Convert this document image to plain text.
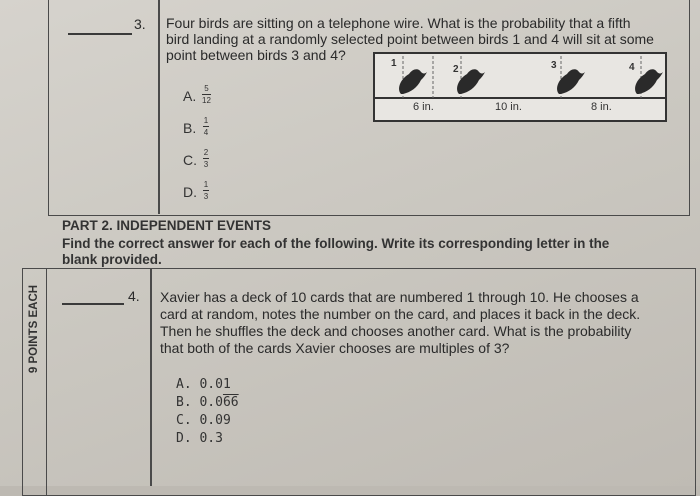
3. Four birds are sitting on a telephone wire. What is the probability that a fifth
bird landing at a randomly selected point between birds 1 and 4 will sit at some
point between birds 3 and 4?
A. 5
12
B. 1
4
C. 2
3
D. 1
3
1
2	3	4
6 in.	10 in.	8 in.
PART 2. INDEPENDENT EVENTS
Find the correct answer for each of the following. Write its corresponding letter in the
blank provided.
9 POINTS EACH	4. Xavier has a deck of 10 cards that are numbered 1 through 10. He chooses a
card at random, notes the number on the card, and places it back in the deck.
Then he shuffles the deck and chooses another card. What is the probability
that both of the cards Xavier chooses are multiples of 3?
A. 0.01
B. 0.066
C. 0.09
D. 0.3
